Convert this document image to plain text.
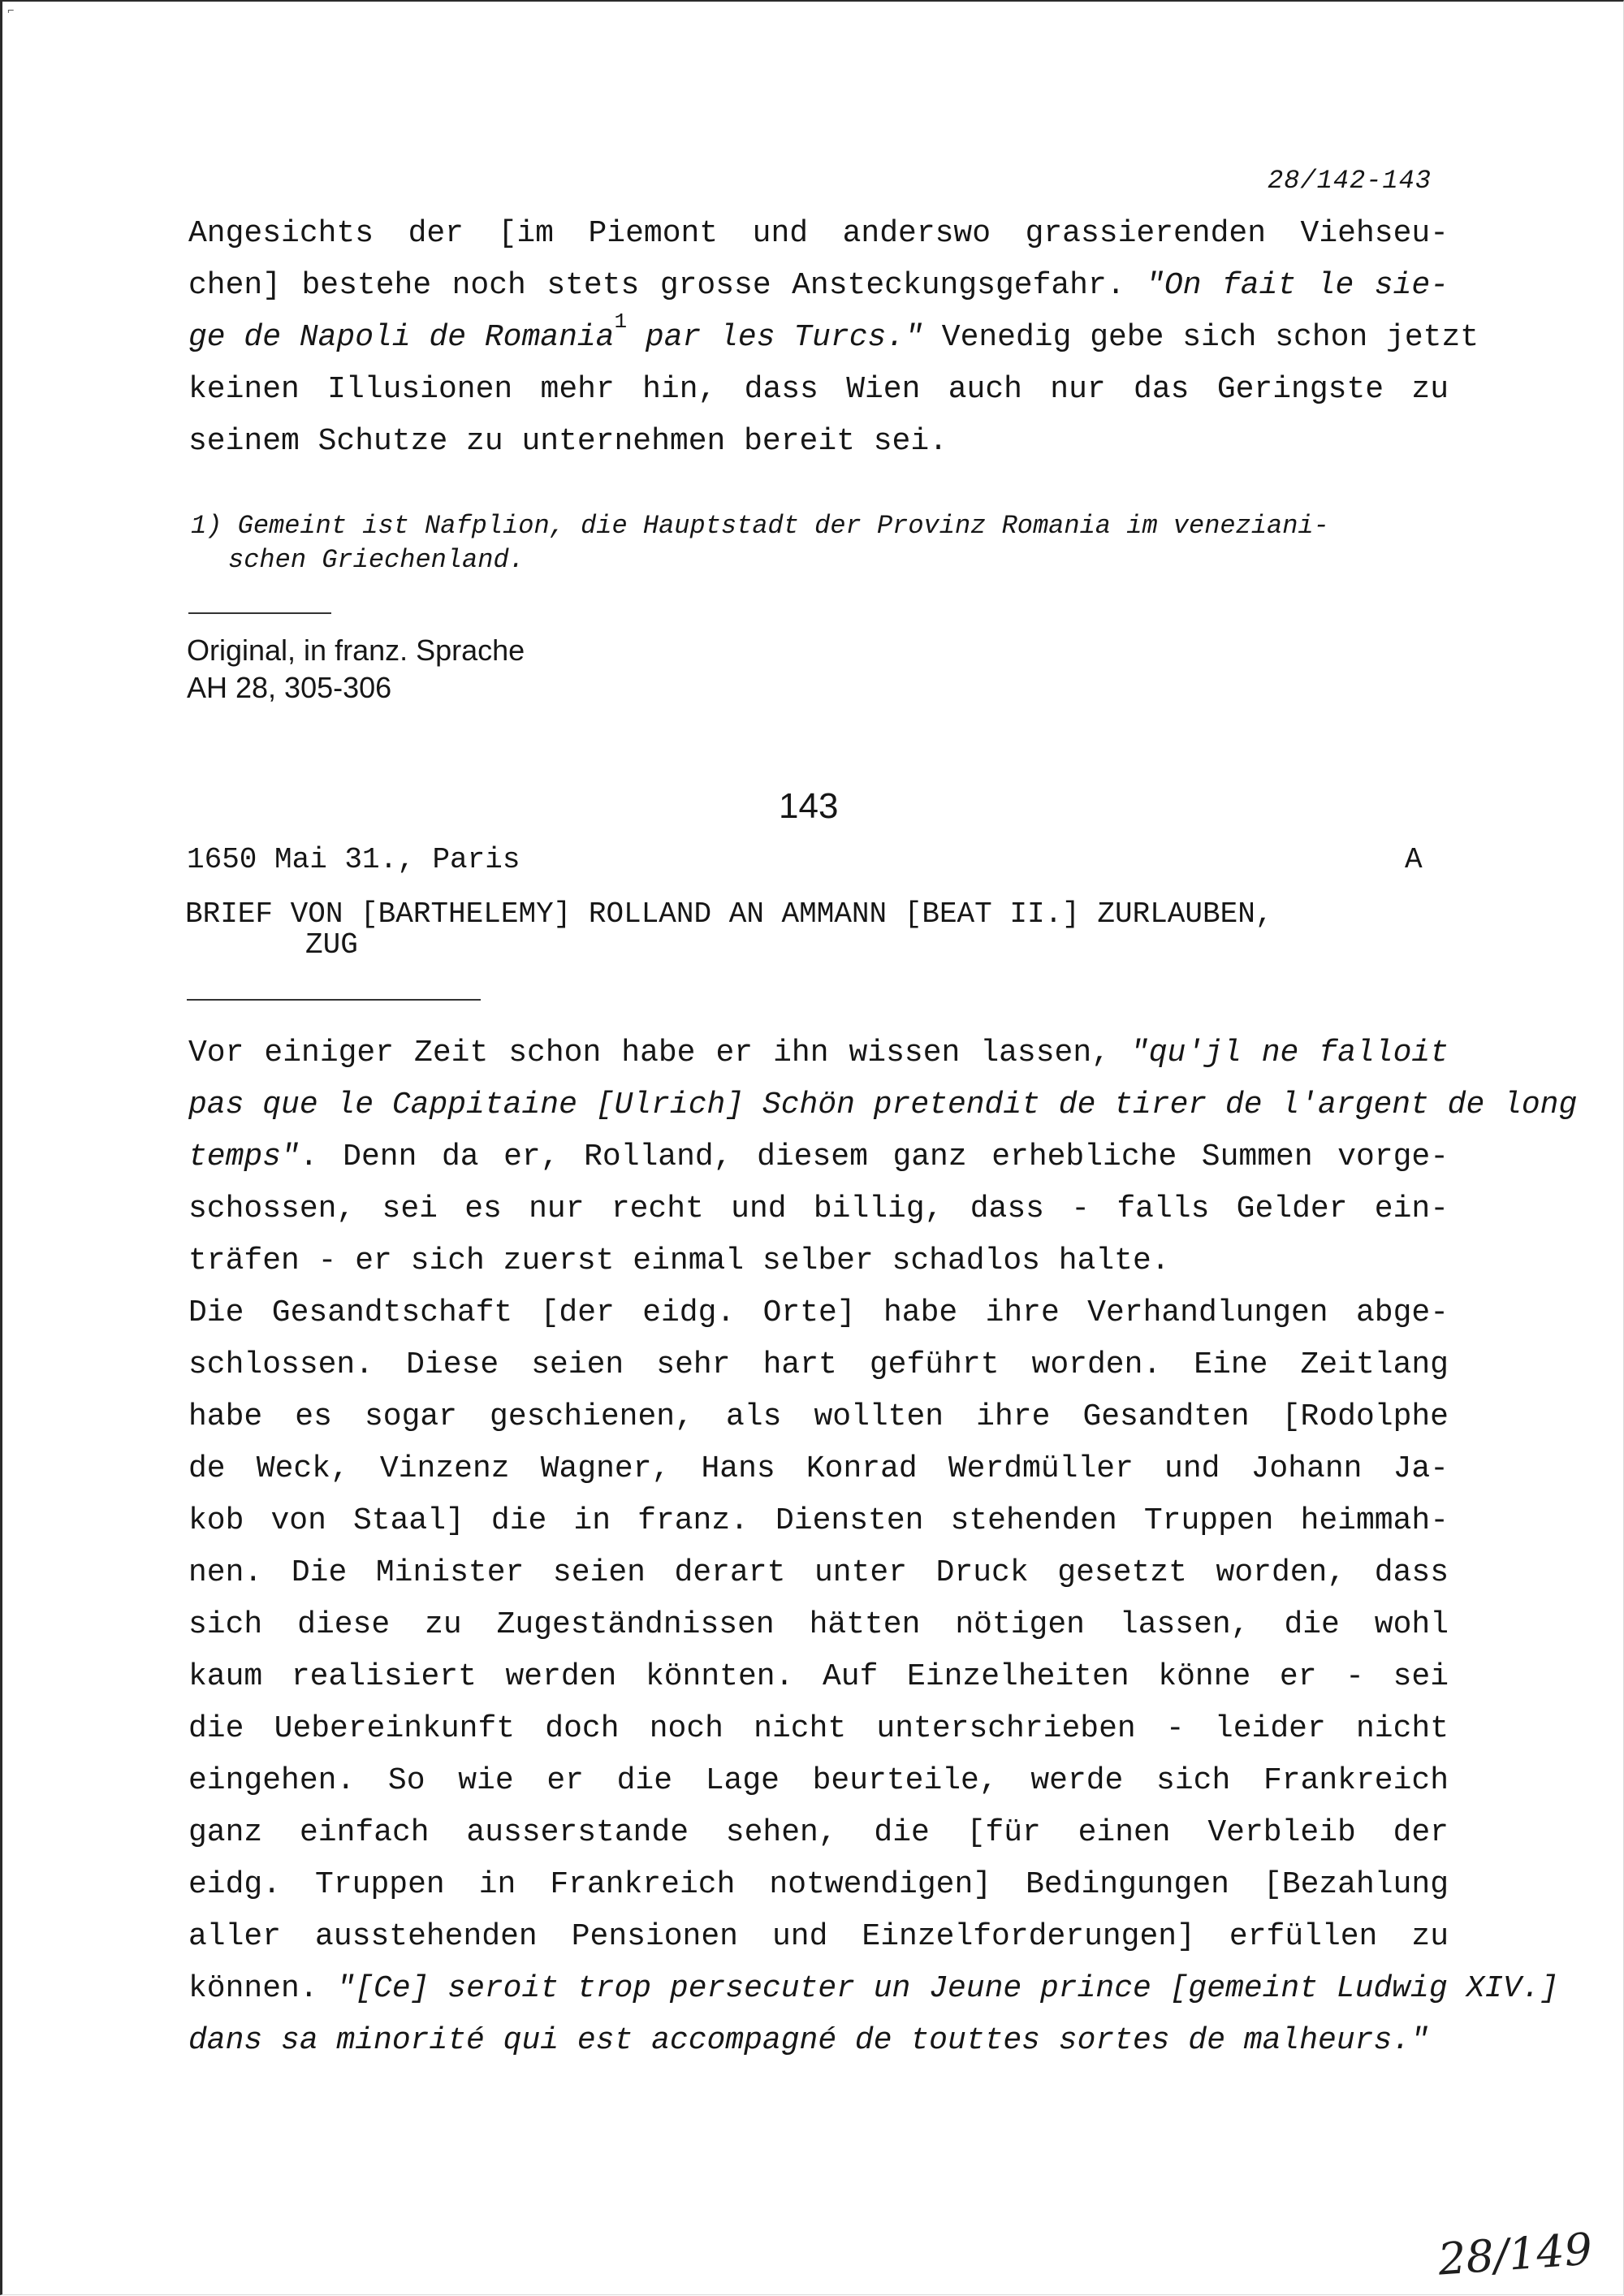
⌐
28/142-143
Angesichts der [im Piemont und anderswo grassierenden Viehseu-
chen] bestehe noch stets grosse Ansteckungsgefahr. "On fait le sie-
ge de Napoli de Romania$^1$ par les Turcs." Venedig gebe sich schon jetzt
keinen Illusionen mehr hin, dass Wien auch nur das Geringste zu
seinem Schutze zu unternehmen bereit sei.
1) Gemeint ist Nafplion, die Hauptstadt der Provinz Romania im veneziani-
schen Griechenland.
Original, in franz. Sprache
AH 28, 305-306
143
1650 Mai 31., Paris	A
BRIEF VON [BARTHELEMY] ROLLAND AN AMMANN [BEAT II.] ZURLAUBEN,
ZUG
Vor einiger Zeit schon habe er ihn wissen lassen, "qu'jl ne falloit
pas que le Cappitaine [Ulrich] Schön pretendit de tirer de l'argent de long
temps". Denn da er, Rolland, diesem ganz erhebliche Summen vorge-
schossen, sei es nur recht und billig, dass - falls Gelder ein-
träfen - er sich zuerst einmal selber schadlos halte.
Die Gesandtschaft [der eidg. Orte] habe ihre Verhandlungen abge-
schlossen. Diese seien sehr hart geführt worden. Eine Zeitlang
habe es sogar geschienen, als wollten ihre Gesandten [Rodolphe
de Weck, Vinzenz Wagner, Hans Konrad Werdmüller und Johann Ja-
kob von Staal] die in franz. Diensten stehenden Truppen heimmah-
nen. Die Minister seien derart unter Druck gesetzt worden, dass
sich diese zu Zugeständnissen hätten nötigen lassen, die wohl
kaum realisiert werden könnten. Auf Einzelheiten könne er - sei
die Uebereinkunft doch noch nicht unterschrieben - leider nicht
eingehen. So wie er die Lage beurteile, werde sich Frankreich
ganz einfach ausserstande sehen, die [für einen Verbleib der
eidg. Truppen in Frankreich notwendigen] Bedingungen [Bezahlung
aller ausstehenden Pensionen und Einzelforderungen] erfüllen zu
können. "[Ce] seroit trop persecuter un Jeune prince [gemeint Ludwig XIV.]
dans sa minorité qui est accompagné de touttes sortes de malheurs."
28/149
